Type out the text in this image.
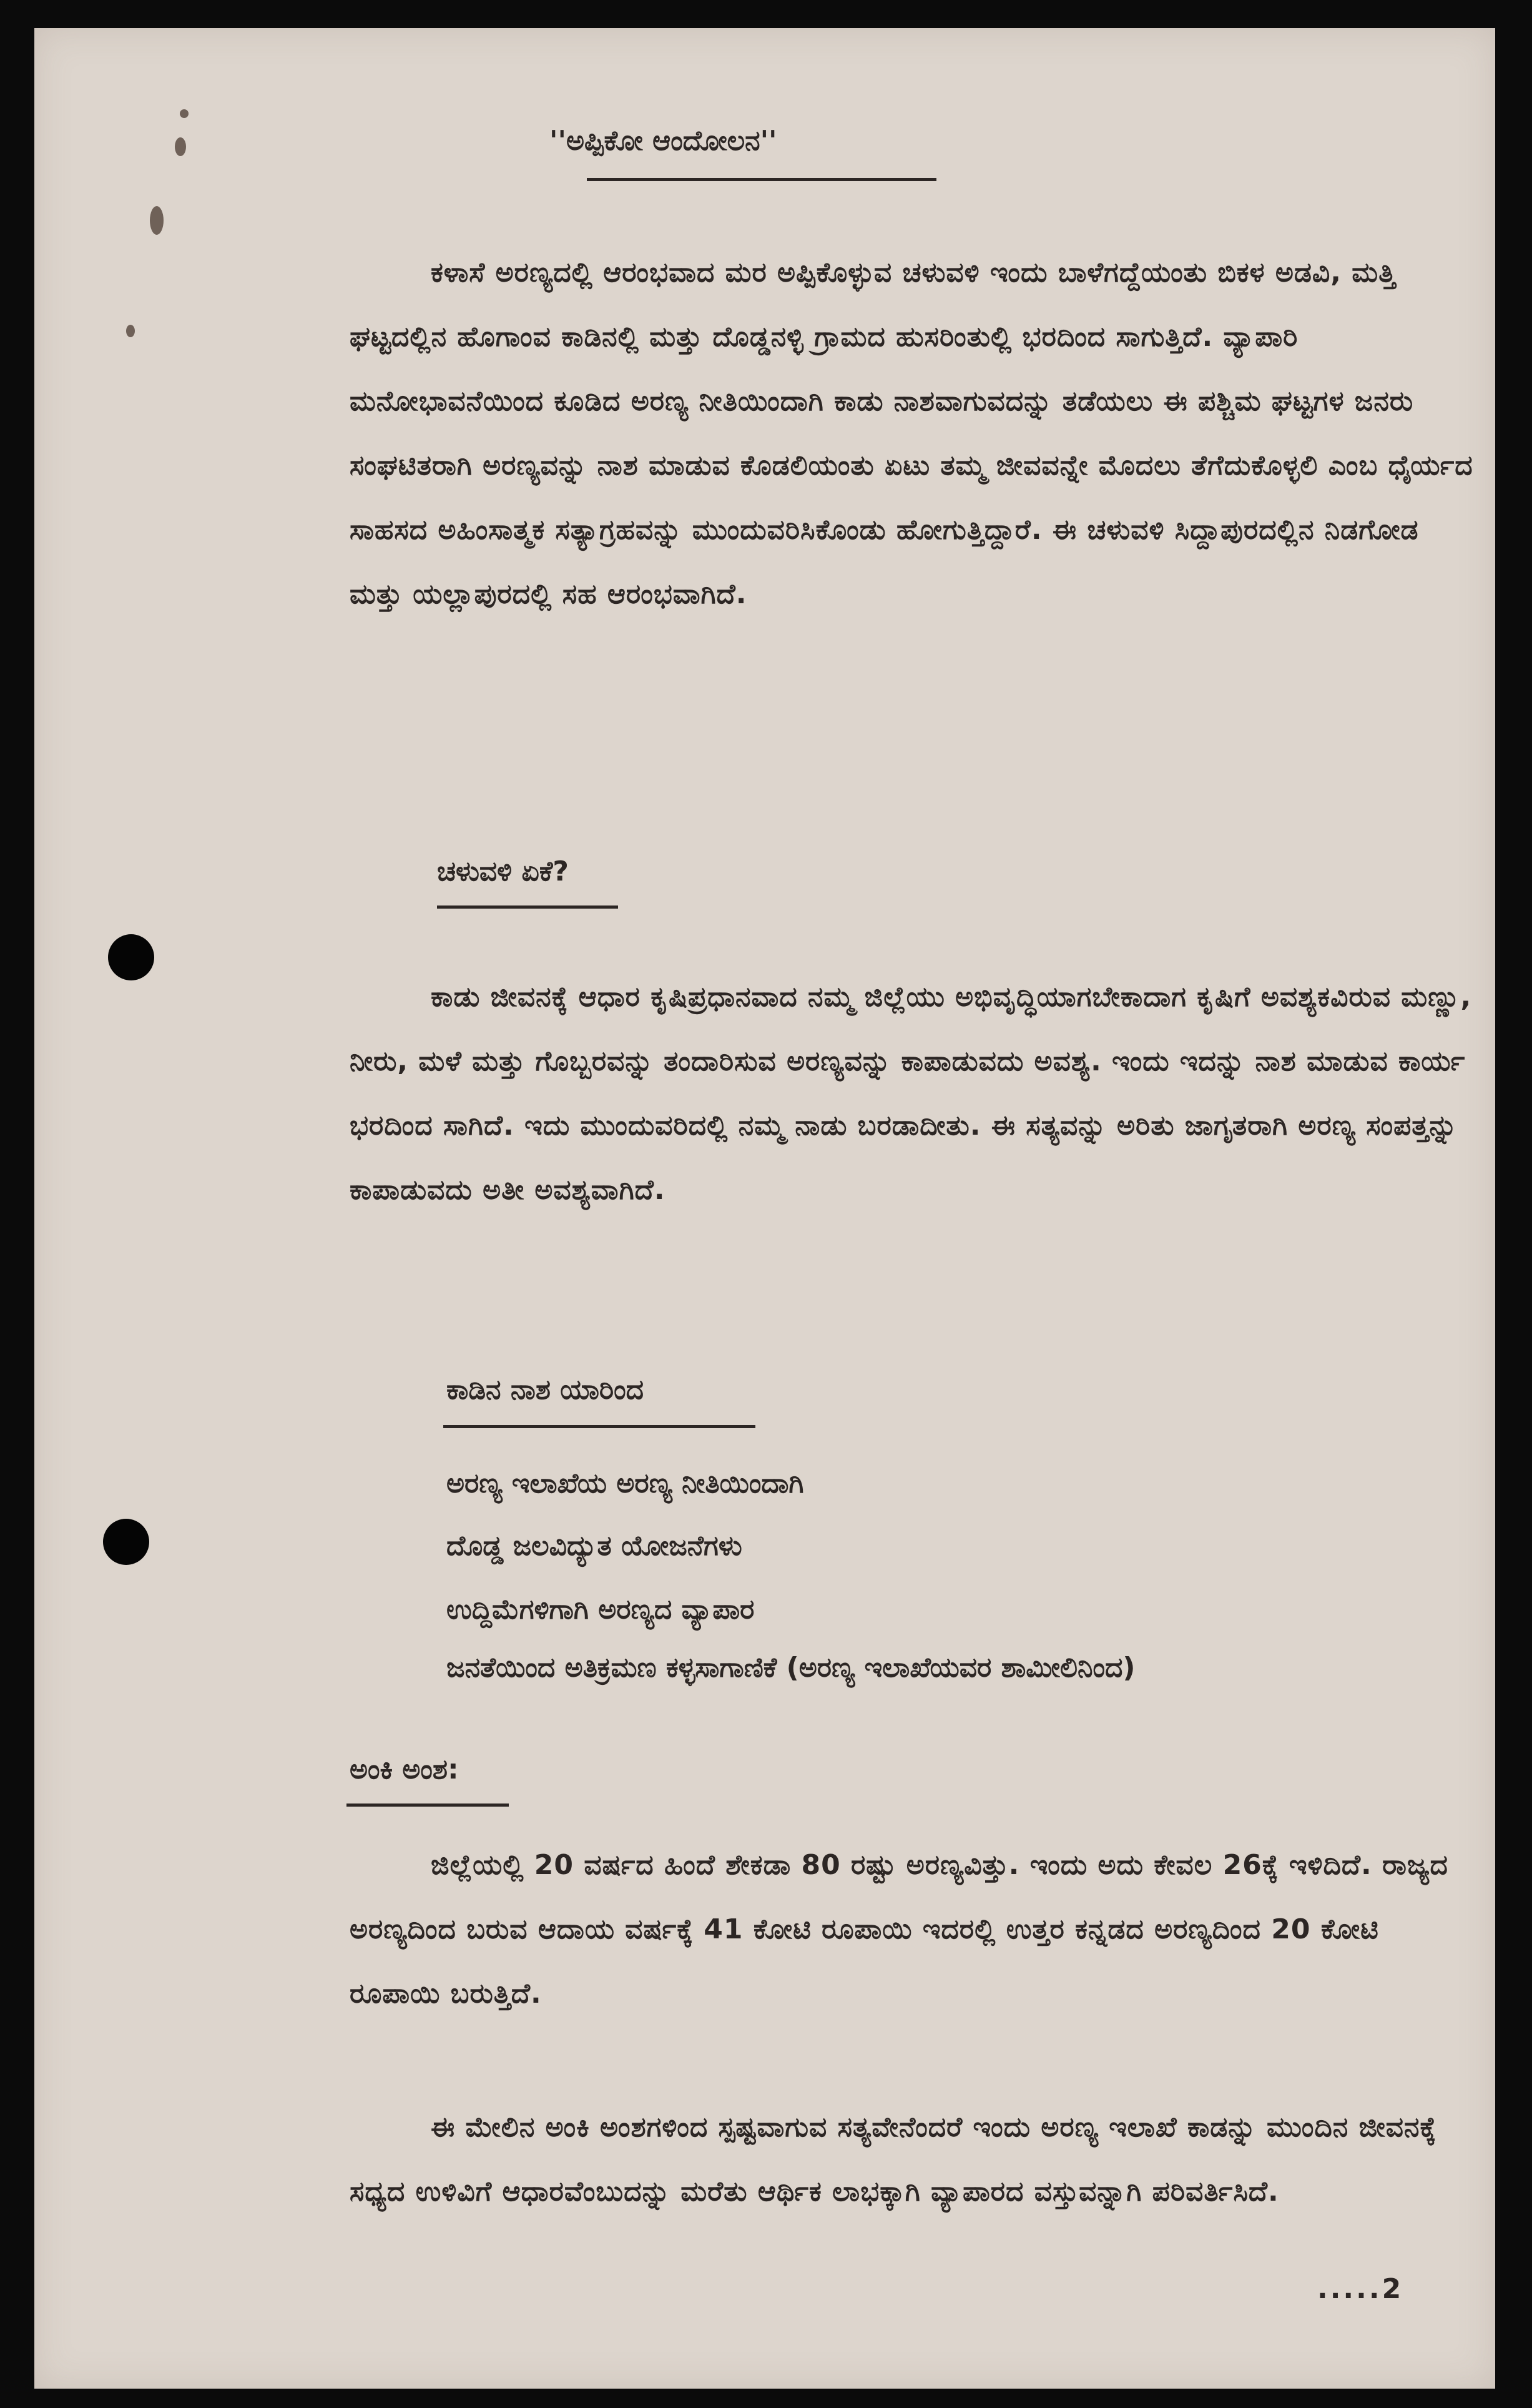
''ಅಪ್ಪಿಕೋ ಆಂದೋಲನ''

ಕಳಾಸೆ ಅರಣ್ಯದಲ್ಲಿ ಆರಂಭವಾದ ಮರ ಅಪ್ಪಿಕೊಳ್ಳುವ ಚಳುವಳಿ ಇಂದು ಬಾಳೆಗದ್ದೆಯಂತು ಬಿಕಳ ಅಡವಿ, ಮತ್ತಿ ಘಟ್ಟದಲ್ಲಿನ ಹೊಗಾಂವ ಕಾಡಿನಲ್ಲಿ ಮತ್ತು ದೊಡ್ಡನಳ್ಳಿ ಗ್ರಾಮದ ಹುಸರಿಂತುಲ್ಲಿ ಭರದಿಂದ ಸಾಗುತ್ತಿದೆ. ವ್ಯಾಪಾರಿ ಮನೋಭಾವನೆಯಿಂದ ಕೂಡಿದ ಅರಣ್ಯ ನೀತಿಯಿಂದಾಗಿ ಕಾಡು ನಾಶವಾಗುವದನ್ನು ತಡೆಯಲು ಈ ಪಶ್ಚಿಮ ಘಟ್ಟಗಳ ಜನರು ಸಂಘಟಿತರಾಗಿ ಅರಣ್ಯವನ್ನು ನಾಶ ಮಾಡುವ ಕೊಡಲಿಯಂತು ಏಟು ತಮ್ಮ ಜೀವವನ್ನೇ ಮೊದಲು ತೆಗೆದುಕೊಳ್ಳಲಿ ಎಂಬ ಧೈರ್ಯದ ಸಾಹಸದ ಅಹಿಂಸಾತ್ಮಕ ಸತ್ಯಾಗ್ರಹವನ್ನು ಮುಂದುವರಿಸಿಕೊಂಡು ಹೋಗುತ್ತಿದ್ದಾರೆ. ಈ ಚಳುವಳಿ ಸಿದ್ದಾಪುರದಲ್ಲಿನ ನಿಡಗೋಡ ಮತ್ತು ಯಲ್ಲಾಪುರದಲ್ಲಿ ಸಹ ಆರಂಭವಾಗಿದೆ.

ಚಳುವಳಿ ಏಕೆ?

ಕಾಡು ಜೀವನಕ್ಕೆ ಆಧಾರ ಕೃಷಿಪ್ರಧಾನವಾದ ನಮ್ಮ ಜಿಲ್ಲೆಯು ಅಭಿವೃದ್ಧಿಯಾಗಬೇಕಾದಾಗ ಕೃಷಿಗೆ ಅವಶ್ಯಕವಿರುವ ಮಣ್ಣು, ನೀರು, ಮಳೆ ಮತ್ತು ಗೊಬ್ಬರವನ್ನು ತಂದಾರಿಸುವ ಅರಣ್ಯವನ್ನು ಕಾಪಾಡುವದು ಅವಶ್ಯ. ಇಂದು ಇದನ್ನು ನಾಶ ಮಾಡುವ ಕಾರ್ಯ ಭರದಿಂದ ಸಾಗಿದೆ. ಇದು ಮುಂದುವರಿದಲ್ಲಿ ನಮ್ಮ ನಾಡು ಬರಡಾದೀತು. ಈ ಸತ್ಯವನ್ನು ಅರಿತು ಜಾಗೃತರಾಗಿ ಅರಣ್ಯ ಸಂಪತ್ತನ್ನು ಕಾಪಾಡುವದು ಅತೀ ಅವಶ್ಯವಾಗಿದೆ.

ಕಾಡಿನ ನಾಶ ಯಾರಿಂದ
ಅರಣ್ಯ ಇಲಾಖೆಯ ಅರಣ್ಯ ನೀತಿಯಿಂದಾಗಿ
ದೊಡ್ಡ ಜಲವಿದ್ಯುತ ಯೋಜನೆಗಳು
ಉದ್ದಿಮೆಗಳಿಗಾಗಿ ಅರಣ್ಯದ ವ್ಯಾಪಾರ
ಜನತೆಯಿಂದ ಅತಿಕ್ರಮಣ ಕಳ್ಳಸಾಗಾಣಿಕೆ (ಅರಣ್ಯ ಇಲಾಖೆಯವರ ಶಾಮೀಲಿನಿಂದ)
ಅಂಕಿ ಅಂಶ:

ಜಿಲ್ಲೆಯಲ್ಲಿ 20 ವರ್ಷದ ಹಿಂದೆ ಶೇಕಡಾ 80 ರಷ್ಟು ಅರಣ್ಯವಿತ್ತು. ಇಂದು ಅದು ಕೇವಲ 26ಕ್ಕೆ ಇಳಿದಿದೆ. ರಾಜ್ಯದ ಅರಣ್ಯದಿಂದ ಬರುವ ಆದಾಯ ವರ್ಷಕ್ಕೆ 41 ಕೋಟಿ ರೂಪಾಯಿ ಇದರಲ್ಲಿ ಉತ್ತರ ಕನ್ನಡದ ಅರಣ್ಯದಿಂದ 20 ಕೋಟಿ ರೂಪಾಯಿ ಬರುತ್ತಿದೆ.

ಈ ಮೇಲಿನ ಅಂಕಿ ಅಂಶಗಳಿಂದ ಸ್ಪಷ್ಟವಾಗುವ ಸತ್ಯವೇನೆಂದರೆ ಇಂದು ಅರಣ್ಯ ಇಲಾಖೆ ಕಾಡನ್ನು ಮುಂದಿನ ಜೀವನಕ್ಕೆ ಸಧ್ಯದ ಉಳಿವಿಗೆ ಆಧಾರವೆಂಬುದನ್ನು ಮರೆತು ಆರ್ಥಿಕ ಲಾಭಕ್ಕಾಗಿ ವ್ಯಾಪಾರದ ವಸ್ತುವನ್ನಾಗಿ ಪರಿವರ್ತಿಸಿದೆ.

.....2
